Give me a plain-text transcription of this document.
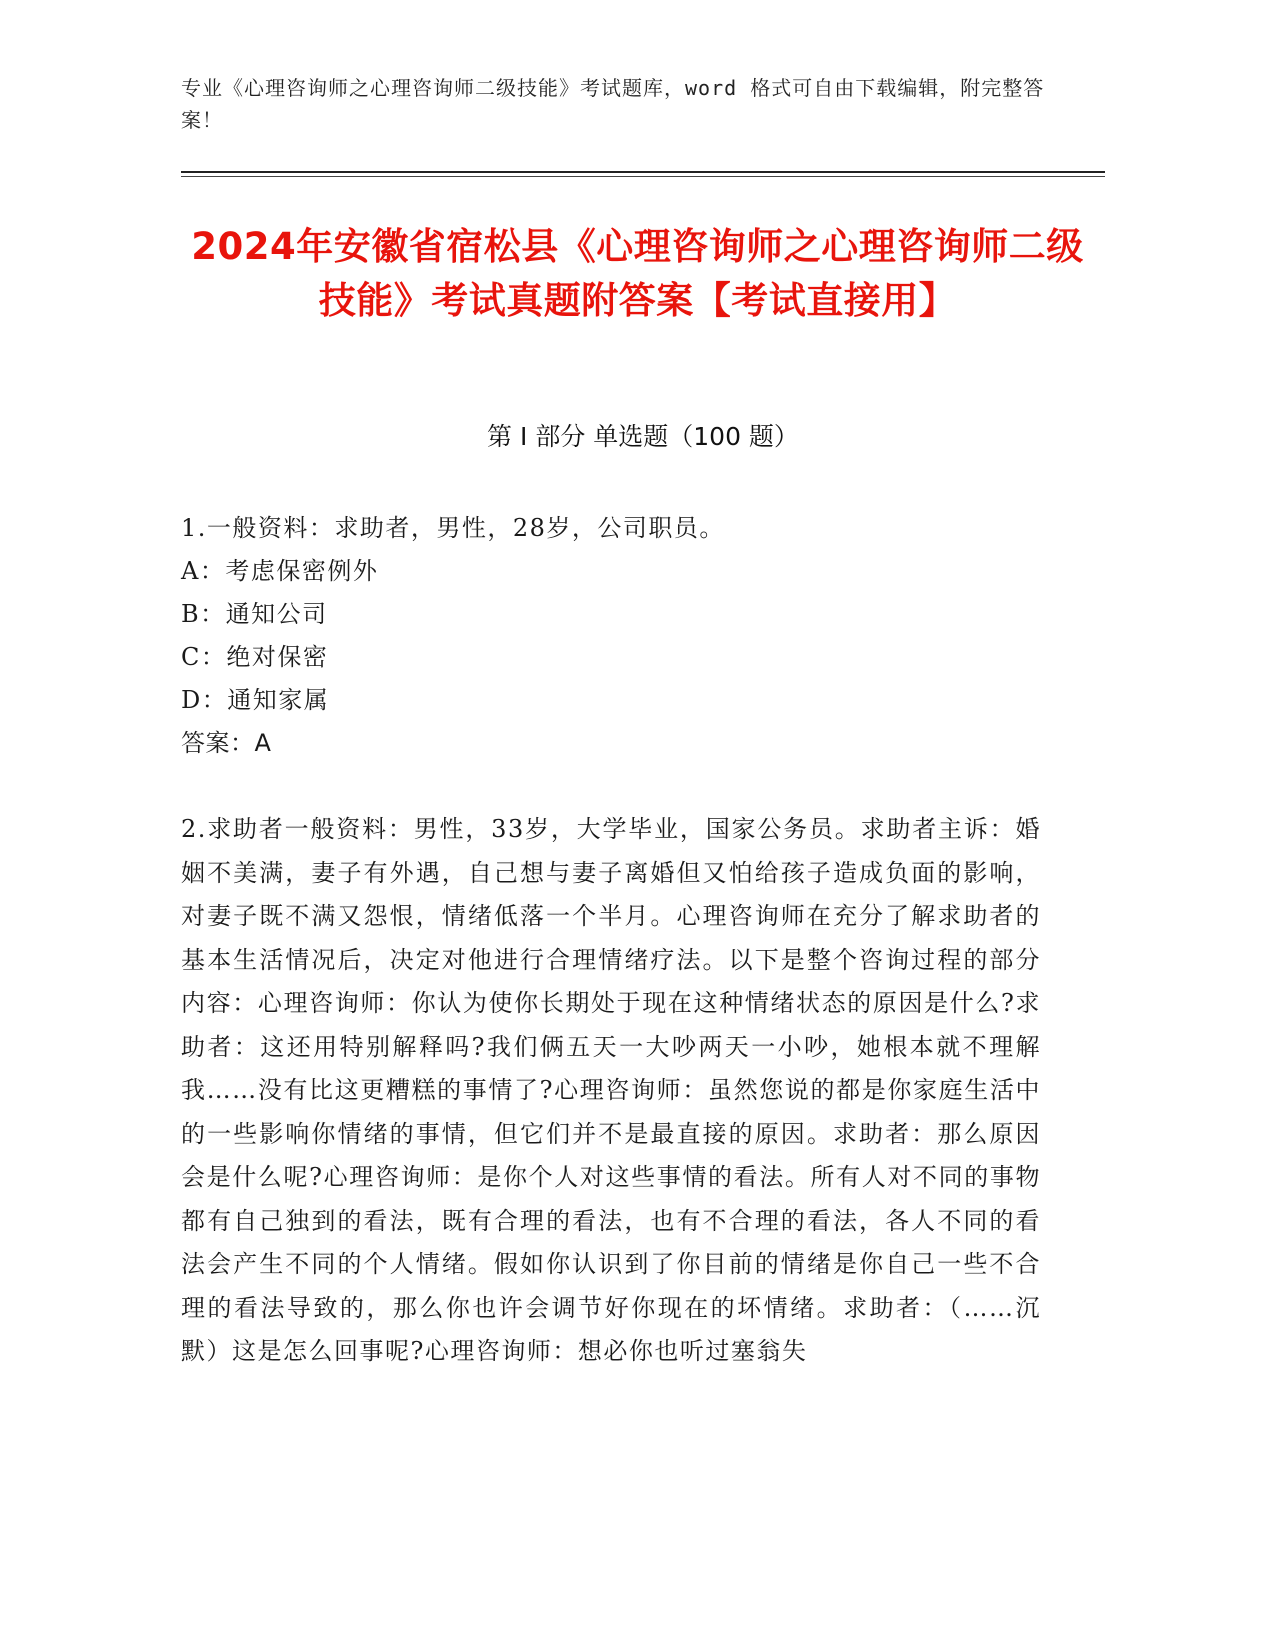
专业《心理咨询师之心理咨询师二级技能》考试题库，word 格式可自由下载编辑，附完整答案！
2024年安徽省宿松县《心理咨询师之心理咨询师二级技能》考试真题附答案【考试直接用】
第 I 部分 单选题（100 题）
1.一般资料：求助者，男性，28岁，公司职员。
A：考虑保密例外
B：通知公司
C：绝对保密
D：通知家属
答案：A
2.求助者一般资料：男性，33岁，大学毕业，国家公务员。求助者主诉：婚姻不美满，妻子有外遇，自己想与妻子离婚但又怕给孩子造成负面的影响，对妻子既不满又怨恨，情绪低落一个半月。心理咨询师在充分了解求助者的基本生活情况后，决定对他进行合理情绪疗法。以下是整个咨询过程的部分内容：心理咨询师：你认为使你长期处于现在这种情绪状态的原因是什么?求助者：这还用特别解释吗?我们俩五天一大吵两天一小吵，她根本就不理解我……没有比这更糟糕的事情了?心理咨询师：虽然您说的都是你家庭生活中的一些影响你情绪的事情，但它们并不是最直接的原因。求助者：那么原因会是什么呢?心理咨询师：是你个人对这些事情的看法。所有人对不同的事物都有自己独到的看法，既有合理的看法，也有不合理的看法，各人不同的看法会产生不同的个人情绪。假如你认识到了你目前的情绪是你自己一些不合理的看法导致的，那么你也许会调节好你现在的坏情绪。求助者：（……沉默）这是怎么回事呢?心理咨询师：想必你也听过塞翁失
